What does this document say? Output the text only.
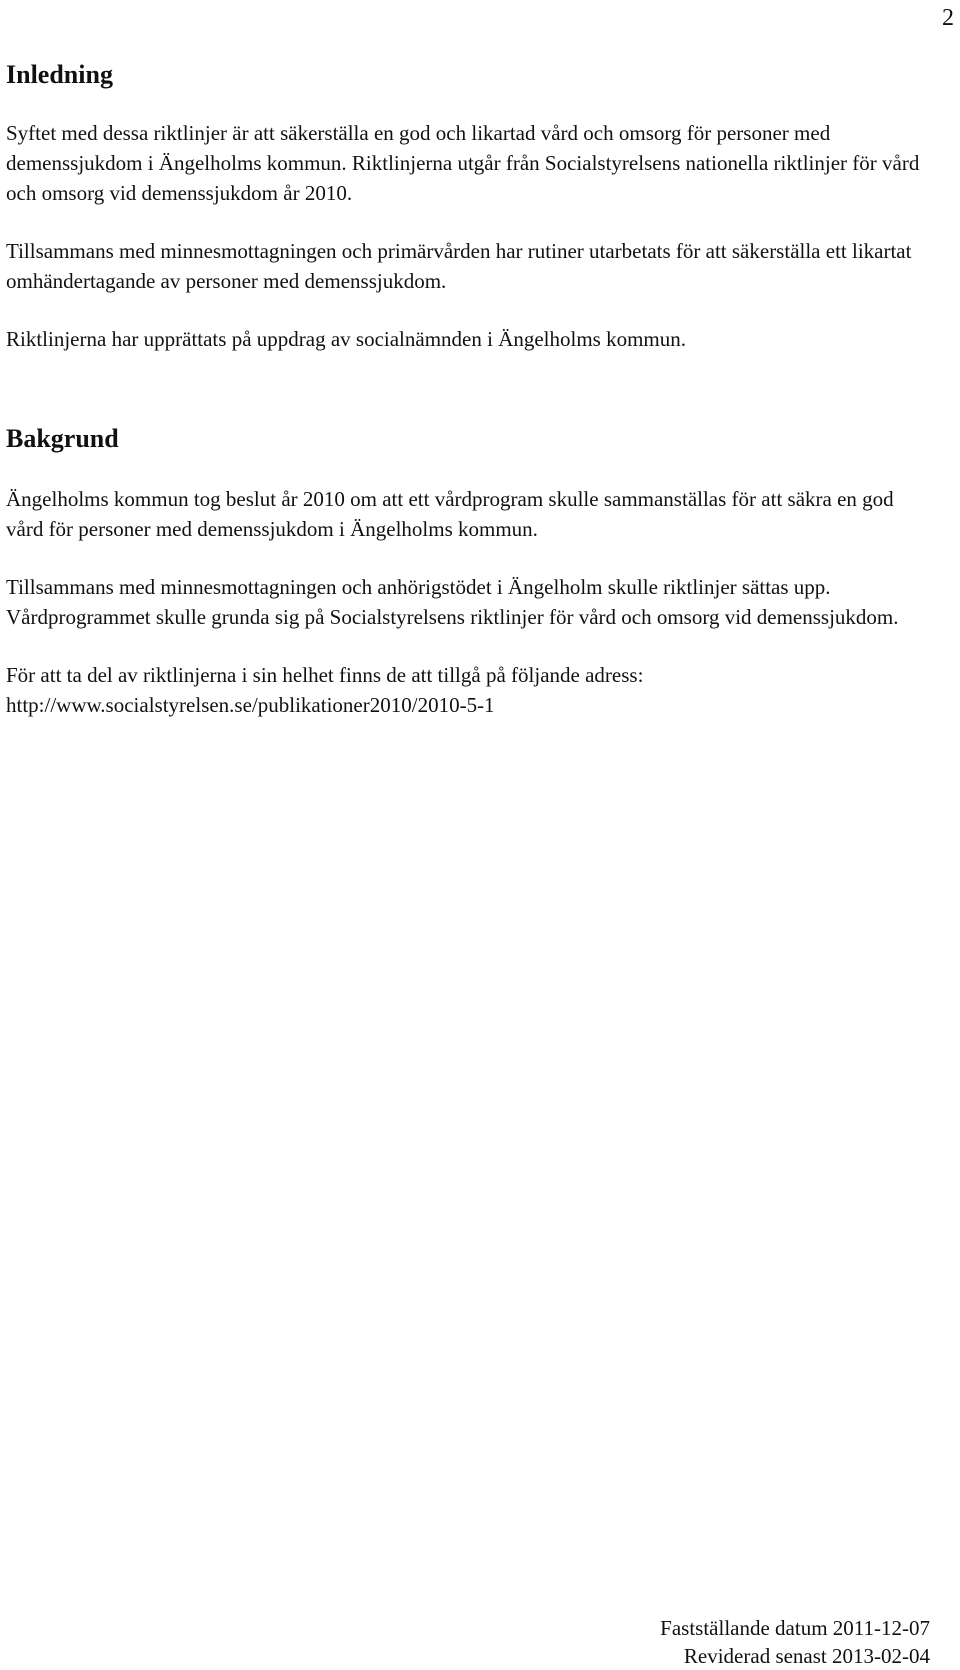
2
Inledning

Syftet med dessa riktlinjer är att säkerställa en god och likartad vård och omsorg för personer med demenssjukdom i Ängelholms kommun. Riktlinjerna utgår från Socialstyrelsens nationella riktlinjer för vård och omsorg vid demenssjukdom år 2010.

Tillsammans med minnesmottagningen och primärvården har rutiner utarbetats för att säkerställa ett likartat omhändertagande av personer med demenssjukdom.

Riktlinjerna har upprättats på uppdrag av socialnämnden i Ängelholms kommun.

Bakgrund

Ängelholms kommun tog beslut år 2010 om att ett vårdprogram skulle sammanställas för att säkra en god vård för personer med demenssjukdom i Ängelholms kommun.

Tillsammans med minnesmottagningen och anhörigstödet i Ängelholm skulle riktlinjer sättas upp. Vårdprogrammet skulle grunda sig på Socialstyrelsens riktlinjer för vård och omsorg vid demenssjukdom.

För att ta del av riktlinjerna i sin helhet finns de att tillgå på följande adress: http://www.socialstyrelsen.se/publikationer2010/2010-5-1

Fastställande datum 2011-12-07
Reviderad senast 2013-02-04
